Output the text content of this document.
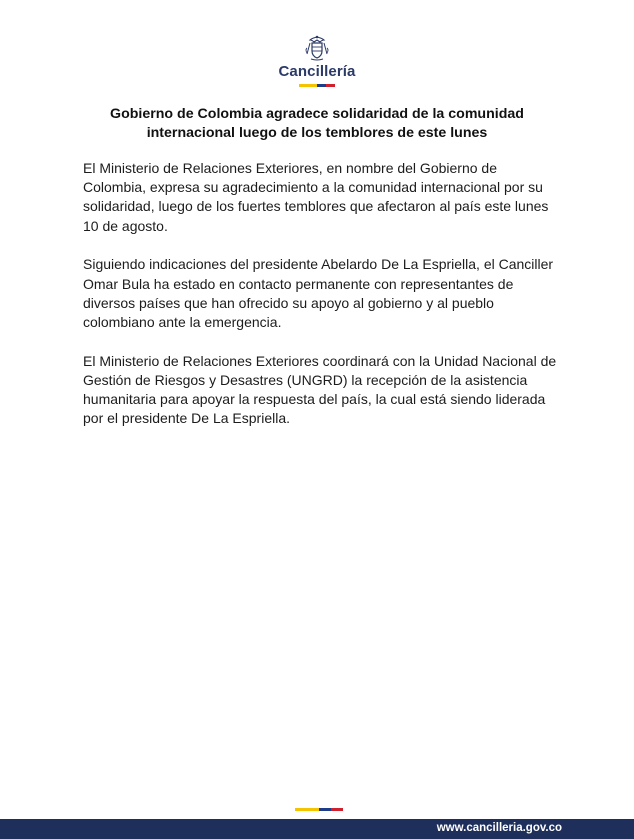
Cancillería
Gobierno de Colombia agradece solidaridad de la comunidad internacional luego de los temblores de este lunes

El Ministerio de Relaciones Exteriores, en nombre del Gobierno de Colombia, expresa su agradecimiento a la comunidad internacional por su solidaridad, luego de los fuertes temblores que afectaron al país este lunes 10 de agosto.

Siguiendo indicaciones del presidente Abelardo De La Espriella, el Canciller Omar Bula ha estado en contacto permanente con representantes de diversos países que han ofrecido su apoyo al gobierno y al pueblo colombiano ante la emergencia.

El Ministerio de Relaciones Exteriores coordinará con la Unidad Nacional de Gestión de Riesgos y Desastres (UNGRD) la recepción de la asistencia humanitaria para apoyar la respuesta del país, la cual está siendo liderada por el presidente De La Espriella.

www.cancilleria.gov.co
